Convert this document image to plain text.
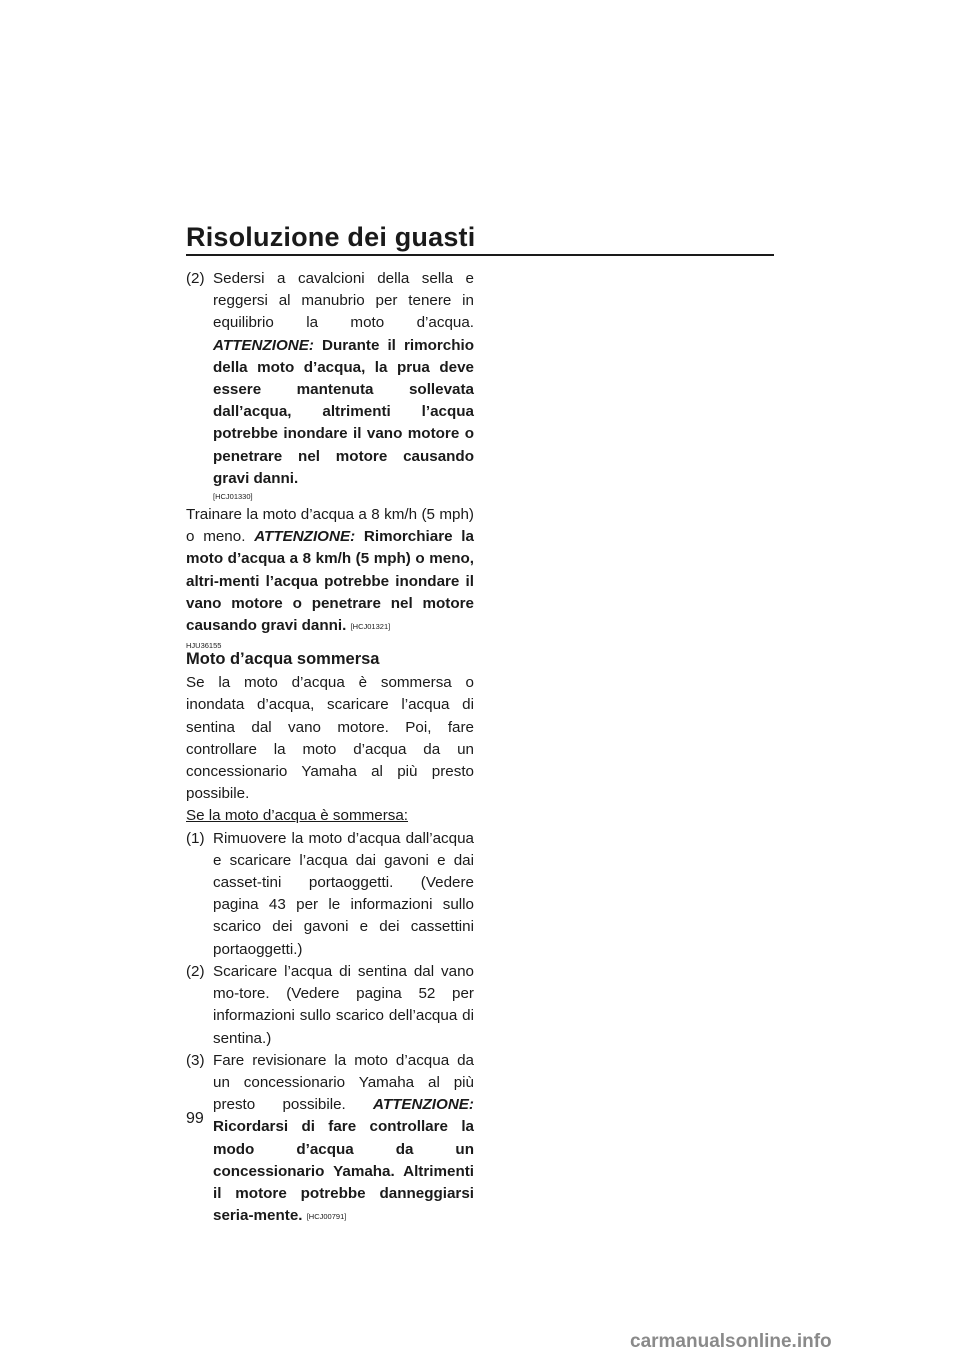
Risoluzione dei guasti
99

(2) Sedersi a cavalcioni della sella e reggersi al manubrio per tenere in equilibrio la moto d’acqua. ATTENZIONE: Durante il rimorchio della moto d’acqua, la prua deve essere mantenuta sollevata dall’acqua, altrimenti l’acqua potrebbe inondare il vano motore o penetrare nel motore causando gravi danni.

[HCJ01330]

Trainare la moto d’acqua a 8 km/h (5 mph) o meno. ATTENZIONE: Rimorchiare la moto d’acqua a 8 km/h (5 mph) o meno, altri-menti l’acqua potrebbe inondare il vano motore o penetrare nel motore causando gravi danni. [HCJ01321]

HJU36155
Moto d’acqua sommersa

Se la moto d’acqua è sommersa o inondata d’acqua, scaricare l’acqua di sentina dal vano motore. Poi, fare controllare la moto d’acqua da un concessionario Yamaha al più presto possibile.

Se la moto d’acqua è sommersa:

(1) Rimuovere la moto d’acqua dall’acqua e scaricare l’acqua dai gavoni e dai casset-tini portaoggetti. (Vedere pagina 43 per le informazioni sullo scarico dei gavoni e dei cassettini portaoggetti.)

(2) Scaricare l’acqua di sentina dal vano mo-tore. (Vedere pagina 52 per informazioni sullo scarico dell’acqua di sentina.)

(3) Fare revisionare la moto d’acqua da un concessionario Yamaha al più presto possibile. ATTENZIONE: Ricordarsi di fare controllare la modo d’acqua da un concessionario Yamaha. Altrimenti il motore potrebbe danneggiarsi seria-mente. [HCJ00791]

carmanualsonline.info
